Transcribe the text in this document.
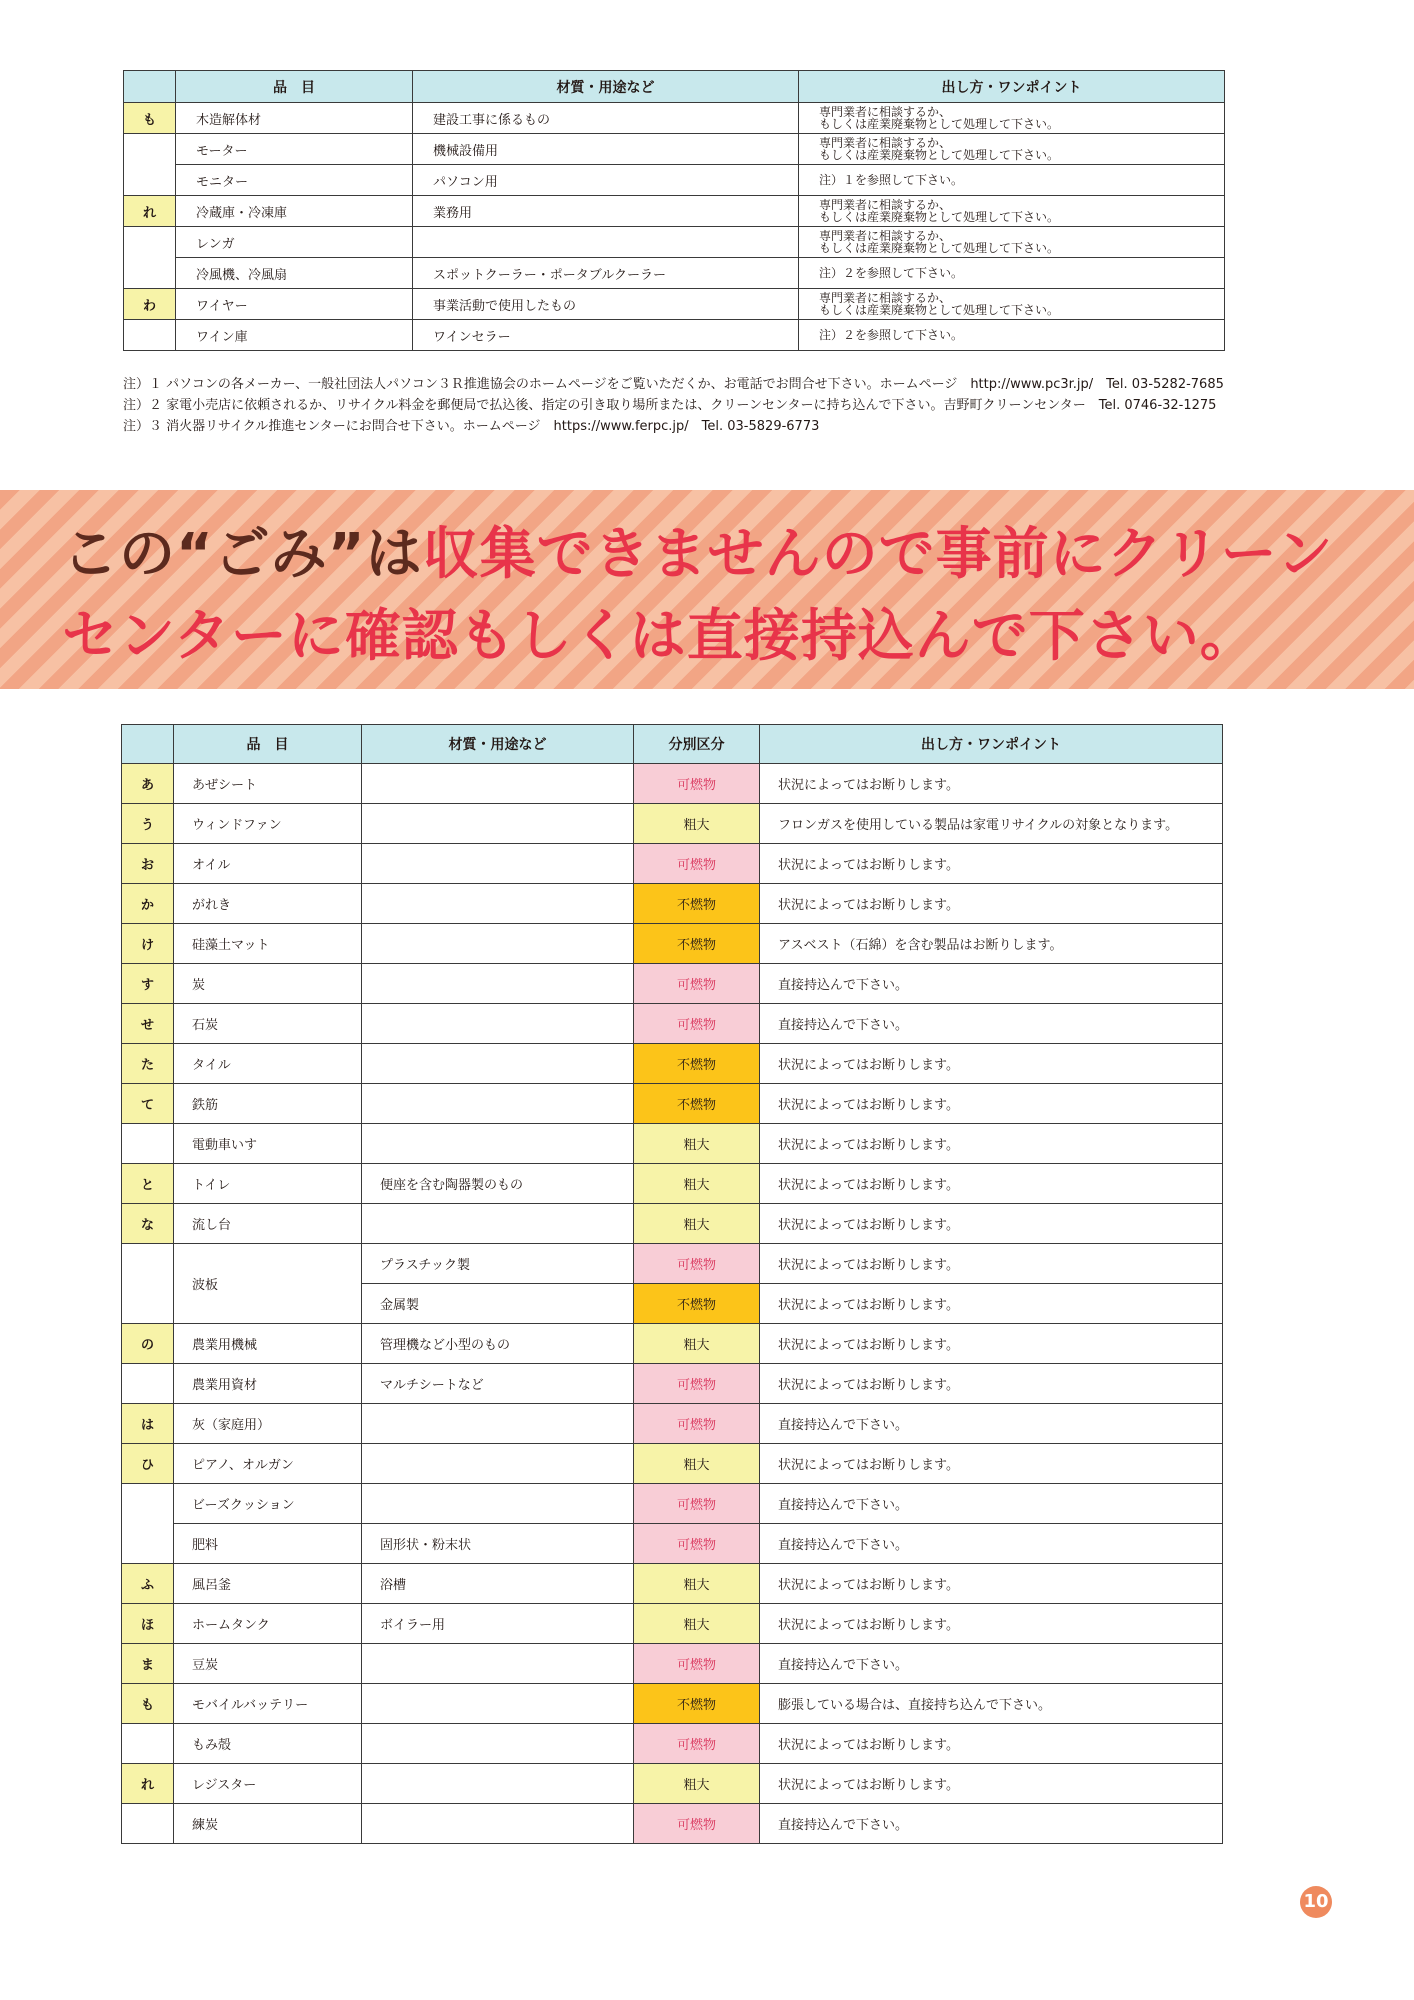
	品　目	材質・用途など	出し方・ワンポイント
も	木造解体材	建設工事に係るもの	専門業者に相談するか、
もしくは産業廃棄物として処理して下さい。

	モーター	機械設備用	専門業者に相談するか、
もしくは産業廃棄物として処理して下さい。

	モニター	パソコン用	注）１を参照して下さい。

れ	冷蔵庫・冷凍庫	業務用	専門業者に相談するか、
もしくは産業廃棄物として処理して下さい。

	レンガ		専門業者に相談するか、
もしくは産業廃棄物として処理して下さい。

	冷風機、冷風扇	スポットクーラー・ポータブルクーラー	注）２を参照して下さい。

わ	ワイヤー	事業活動で使用したもの	専門業者に相談するか、
もしくは産業廃棄物として処理して下さい。

	ワイン庫	ワインセラー	注）２を参照して下さい。
注）１ パソコンの各メーカー、一般社団法人パソコン３Ｒ推進協会のホームページをご覧いただくか、お電話でお問合せ下さい。ホームページ　http://www.pc3r.jp/　Tel. 03-5282-7685
注）２ 家電小売店に依頼されるか、リサイクル料金を郵便局で払込後、指定の引き取り場所または、クリーンセンターに持ち込んで下さい。吉野町クリーンセンター　Tel. 0746-32-1275
注）３ 消火器リサイクル推進センターにお問合せ下さい。ホームページ　https://www.ferpc.jp/　Tel. 03-5829-6773
この“ごみ”は収集できませんので事前にクリーン
センターに確認もしくは直接持込んで下さい。
	品　目	材質・用途など	分別区分	出し方・ワンポイント
あ	あぜシート		可燃物	状況によってはお断りします。
う	ウィンドファン		粗大	フロンガスを使用している製品は家電リサイクルの対象となります。
お	オイル		可燃物	状況によってはお断りします。
か	がれき		不燃物	状況によってはお断りします。
け	硅藻土マット		不燃物	アスベスト（石綿）を含む製品はお断りします。
す	炭		可燃物	直接持込んで下さい。
せ	石炭		可燃物	直接持込んで下さい。
た	タイル		不燃物	状況によってはお断りします。
て	鉄筋		不燃物	状況によってはお断りします。
	電動車いす		粗大	状況によってはお断りします。
と	トイレ	便座を含む陶器製のもの	粗大	状況によってはお断りします。
な	流し台		粗大	状況によってはお断りします。
	波板	プラスチック製	可燃物	状況によってはお断りします。
		金属製	不燃物	状況によってはお断りします。
の	農業用機械	管理機など小型のもの	粗大	状況によってはお断りします。
	農業用資材	マルチシートなど	可燃物	状況によってはお断りします。
は	灰（家庭用）		可燃物	直接持込んで下さい。
ひ	ピアノ、オルガン		粗大	状況によってはお断りします。
	ビーズクッション		可燃物	直接持込んで下さい。
	肥料	固形状・粉末状	可燃物	直接持込んで下さい。
ふ	風呂釜	浴槽	粗大	状況によってはお断りします。
ほ	ホームタンク	ボイラー用	粗大	状況によってはお断りします。
ま	豆炭		可燃物	直接持込んで下さい。
も	モバイルバッテリー		不燃物	膨張している場合は、直接持ち込んで下さい。
	もみ殻		可燃物	状況によってはお断りします。
れ	レジスター		粗大	状況によってはお断りします。
	練炭		可燃物	直接持込んで下さい。
10
